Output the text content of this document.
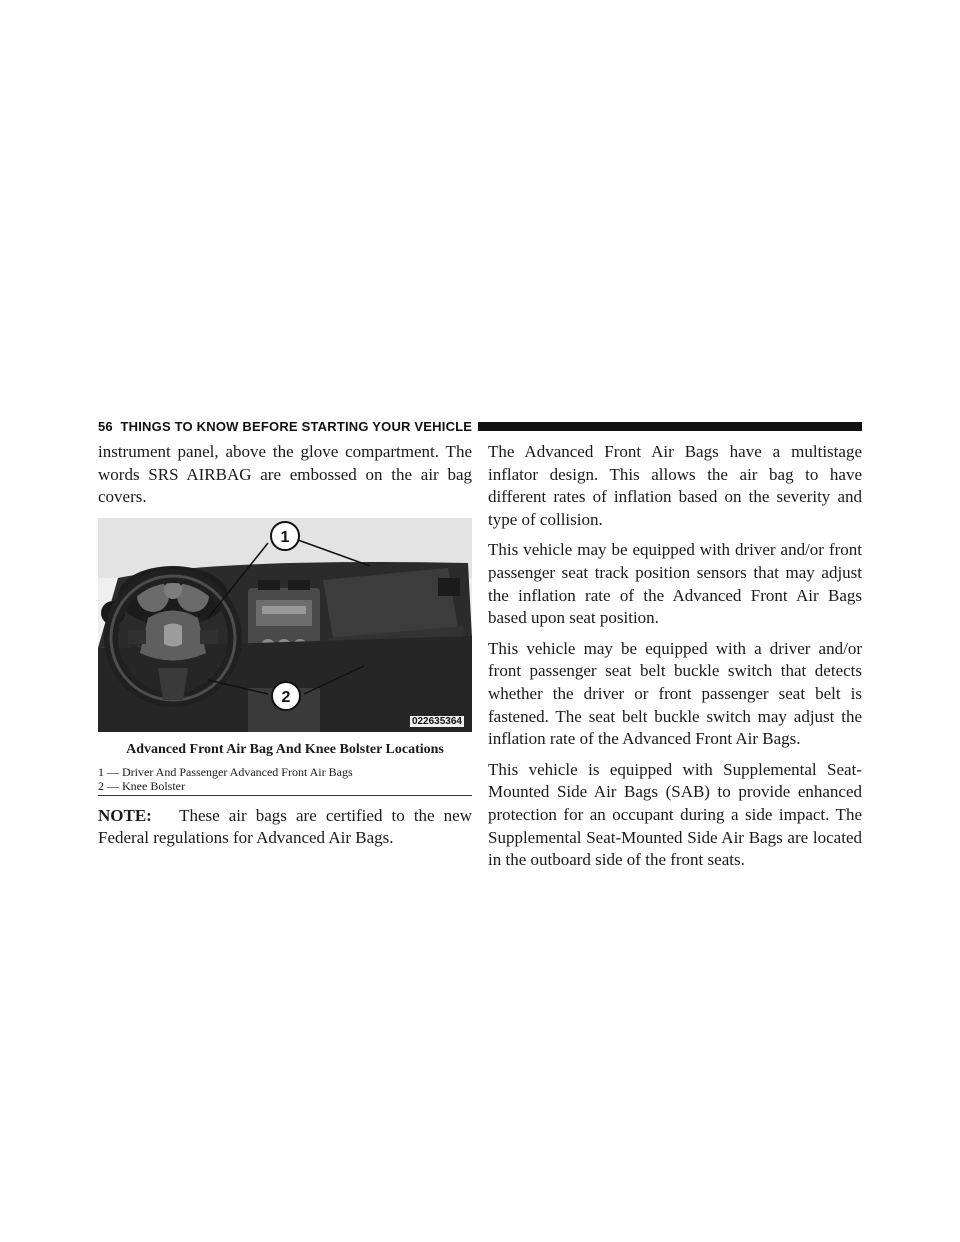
56 THINGS TO KNOW BEFORE STARTING YOUR VEHICLE

instrument panel, above the glove compartment. The words SRS AIRBAG are embossed on the air bag covers.

1
2
022635364
Advanced Front Air Bag And Knee Bolster Locations
1 — Driver And Passenger Advanced Front Air Bags
2 — Knee Bolster

NOTE: These air bags are certified to the new Federal regulations for Advanced Air Bags.

The Advanced Front Air Bags have a multistage inflator design. This allows the air bag to have different rates of inflation based on the severity and type of collision.

This vehicle may be equipped with driver and/or front passenger seat track position sensors that may adjust the inflation rate of the Advanced Front Air Bags based upon seat position.

This vehicle may be equipped with a driver and/or front passenger seat belt buckle switch that detects whether the driver or front passenger seat belt is fastened. The seat belt buckle switch may adjust the inflation rate of the Advanced Front Air Bags.

This vehicle is equipped with Supplemental Seat-Mounted Side Air Bags (SAB) to provide enhanced protection for an occupant during a side impact. The Supplemental Seat-Mounted Side Air Bags are located in the outboard side of the front seats.
